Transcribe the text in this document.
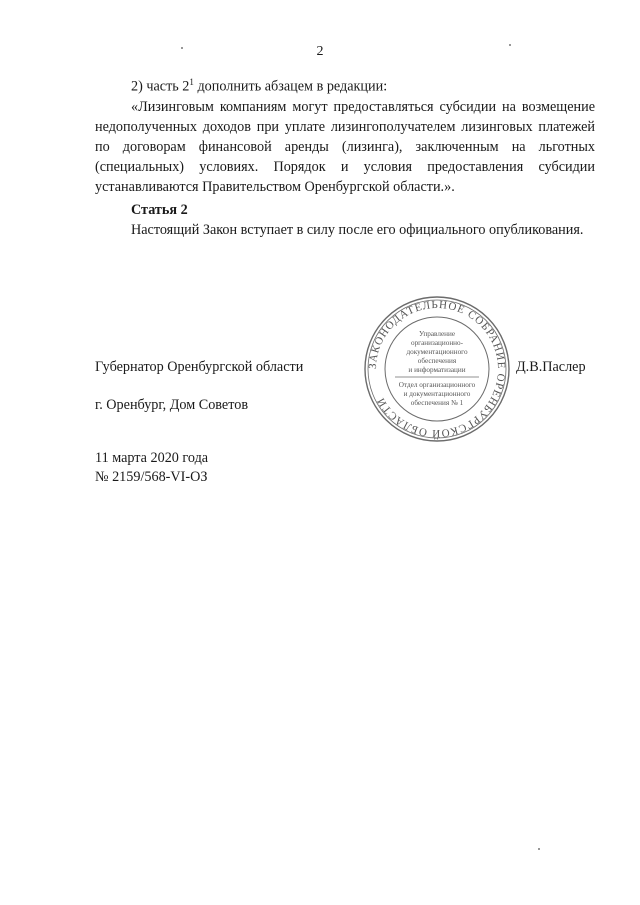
2

2) часть $2^1$ дополнить абзацем в редакции:

«Лизинговым компаниям могут предоставляться субсидии на возмещение недополученных доходов при уплате лизингополучателем лизинговых платежей по договорам финансовой аренды (лизинга), заключенным на льготных (специальных) условиях. Порядок и условия предоставления субсидии устанавливаются Правительством Оренбургской области.».

Статья 2

Настоящий Закон вступает в силу после его официального опубликования.

Губернатор Оренбургской области	Д.В.Паслер
г. Оренбург, Дом Советов
11 марта 2020 года
№ 2159/568-VI-ОЗ
ЗАКОНОДАТЕЛЬНОЕ СОБРАНИЕ ОРЕНБУРГСКОЙ ОБЛАСТИ
Управление
организационно-
документационного
обеспечения
и информатизации
Отдел организационного
и документационного
обеспечения № 1
